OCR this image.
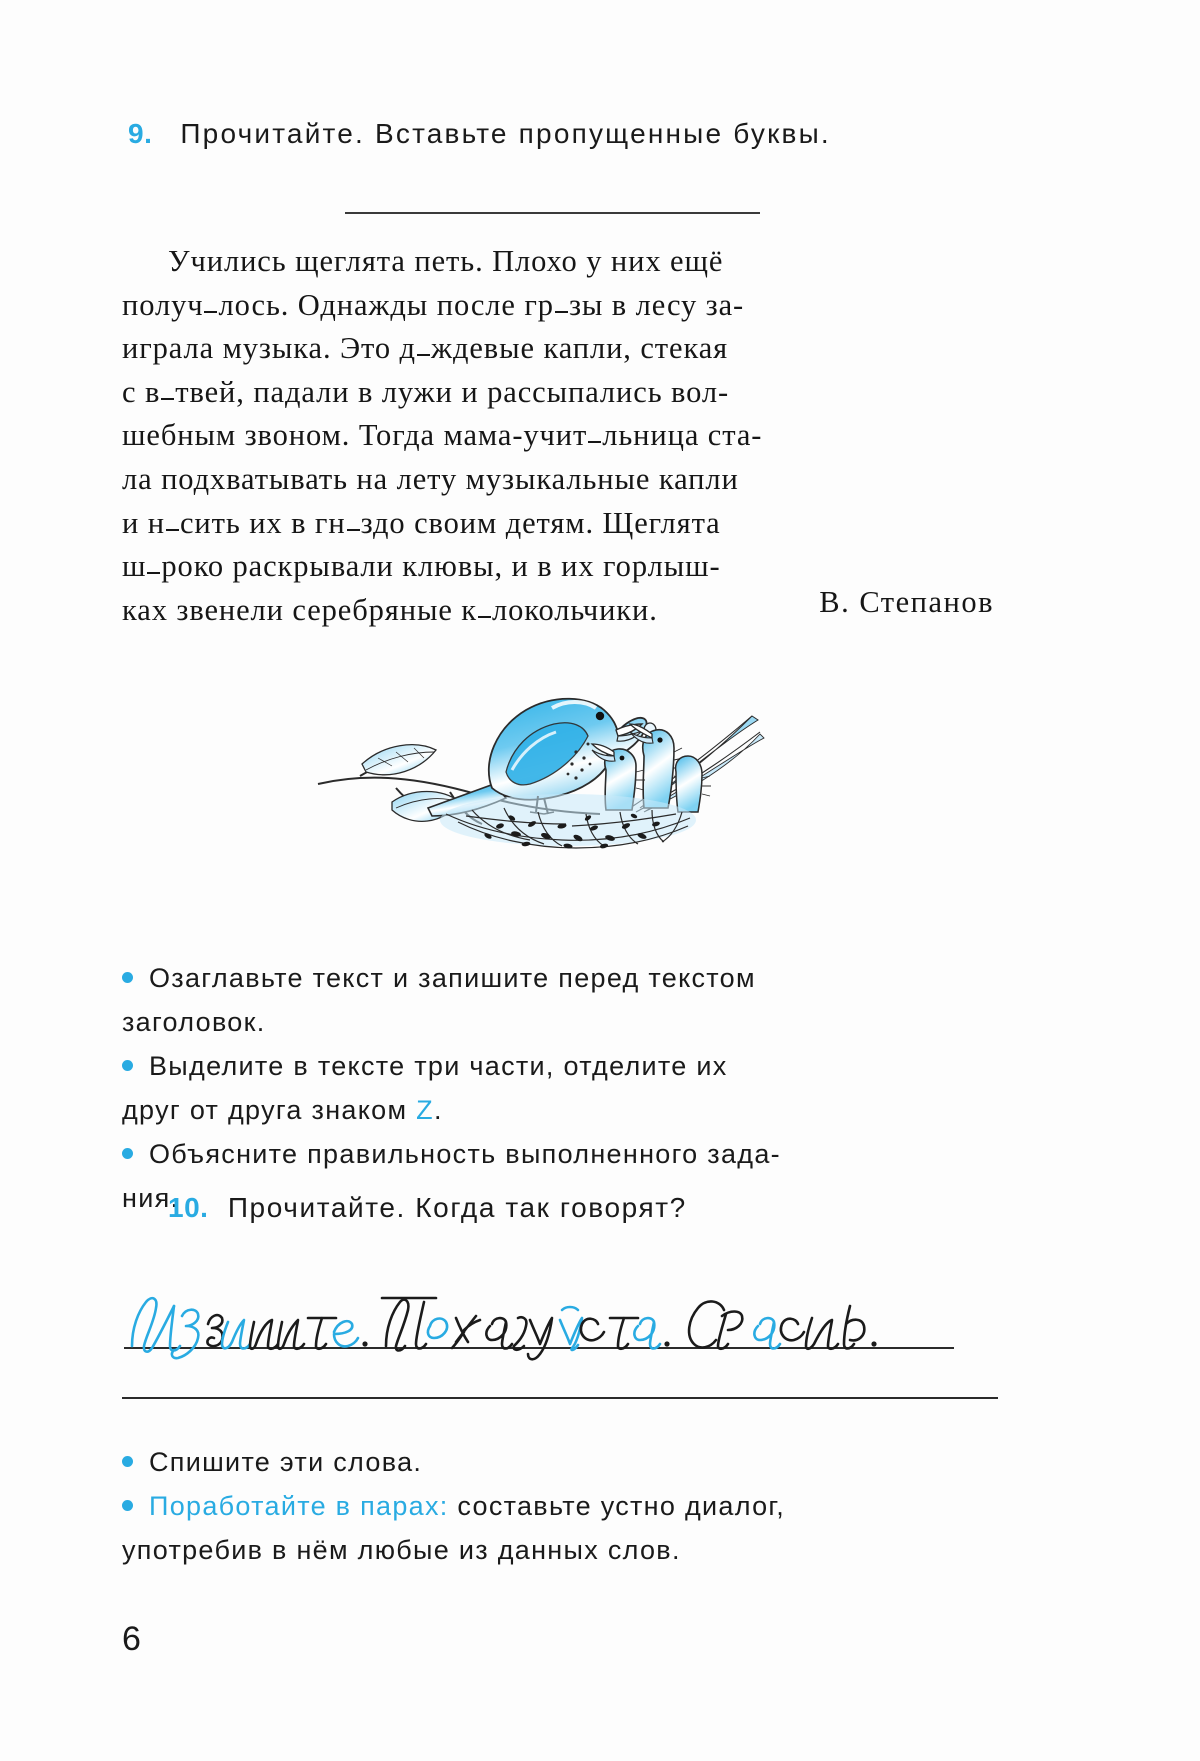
9. Прочитайте. Вставьте пропущенные буквы.
Учились щеглята петь. Плохо у них ещё
получ лось. Однажды после гр зы в лесу за-
играла музыка. Это д ждевые капли, стекая
с в твей, падали в лужи и рассыпались вол-
шебным звоном. Тогда мама-учит льница ста-
ла подхватывать на лету музыкальные капли
и н сить их в гн здо своим детям. Щеглята
ш роко раскрывали клювы, и в их горлыш-
ках звенели серебряные к локольчики.	В. Степанов
Озаглавьте текст и запишите перед текстом
заголовок.
Выделите в тексте три части, отделите их
друг от друга знаком Z.
Объясните правильность выполненного зада-
ния.
10. Прочитайте. Когда так говорят?
Спишите эти слова.
Поработайте в парах: составьте устно диалог,
употребив в нём любые из данных слов.
6
